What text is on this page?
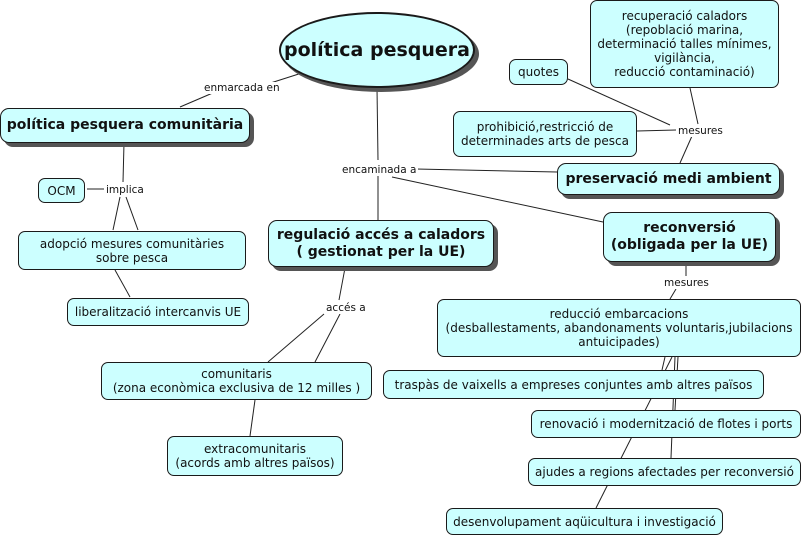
política pesquera
política pesquera comunitària
OCM
adopció mesures comunitàries
sobre pesca
liberalització intercanvis UE
regulació accés a caladors
( gestionat per la UE)
comunitaris
(zona econòmica exclusiva de 12 milles )
extracomunitaris
(acords amb altres països)
preservació medi ambient
quotes
recuperació caladors
(repoblació marina,
determinació talles mínimes,
vigilància,
reducció contaminació)
prohibició,restricció de
determinades arts de pesca
reconversió
(obligada per la UE)
reducció embarcacions
(desballestaments, abandonaments voluntaris,jubilacions
antuicipades)
traspàs de vaixells a empreses conjuntes amb altres països
renovació i modernització de flotes i ports
ajudes a regions afectades per reconversió
desenvolupament aqüicultura i investigació
enmarcada en
encaminada a
implica
accés a
mesures
mesures
